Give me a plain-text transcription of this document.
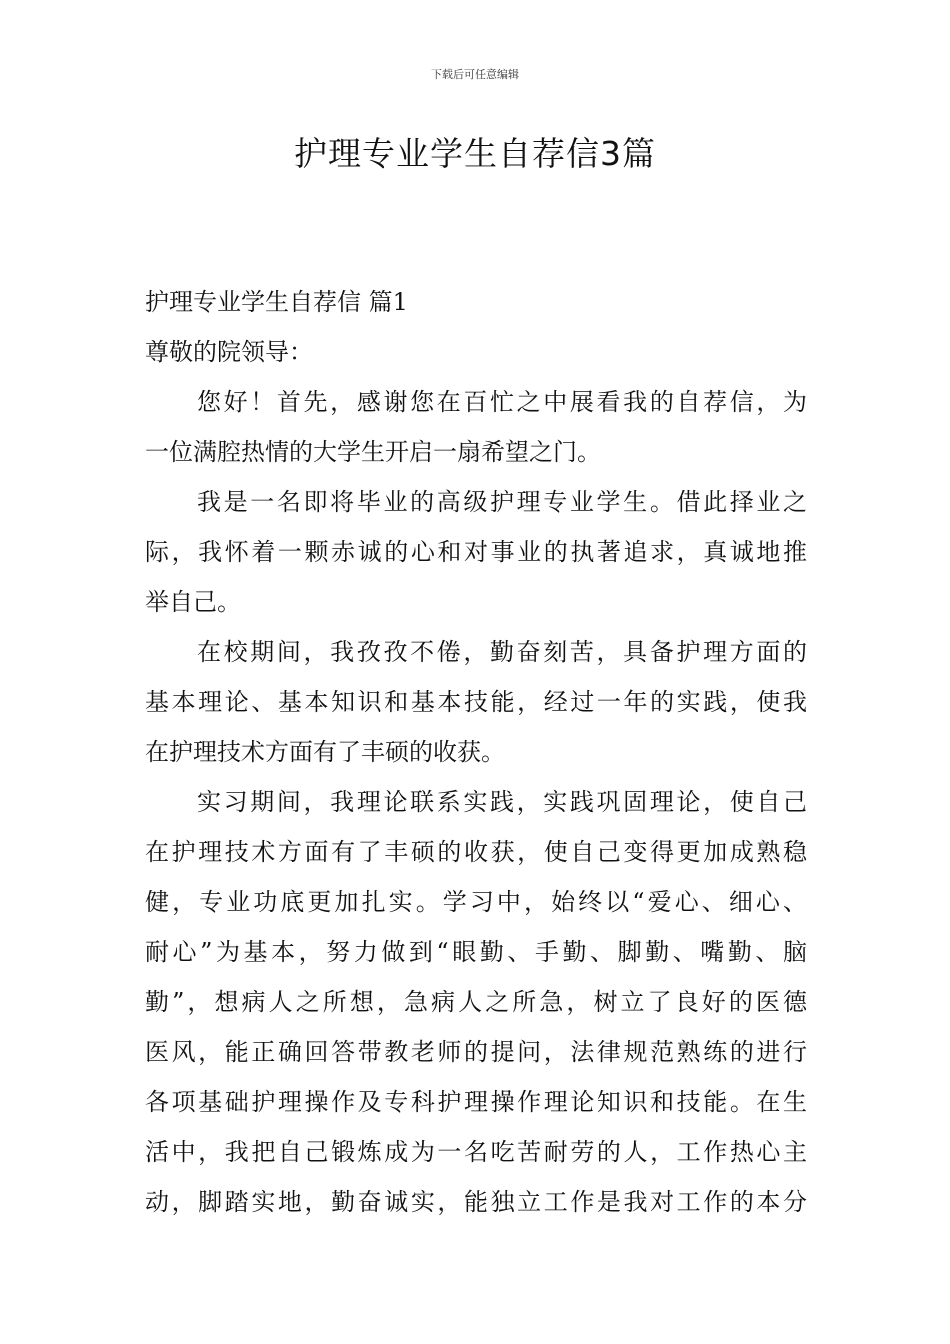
下载后可任意编辑
护理专业学生自荐信3篇
护理专业学生自荐信 篇1
尊敬的院领导：
您好！首先，感谢您在百忙之中展看我的自荐信，为
一位满腔热情的大学生开启一扇希望之门。
我是一名即将毕业的高级护理专业学生。借此择业之
际，我怀着一颗赤诚的心和对事业的执著追求，真诚地推
举自己。
在校期间，我孜孜不倦，勤奋刻苦，具备护理方面的
基本理论、基本知识和基本技能，经过一年的实践，使我
在护理技术方面有了丰硕的收获。
实习期间，我理论联系实践，实践巩固理论，使自己
在护理技术方面有了丰硕的收获，使自己变得更加成熟稳
健，专业功底更加扎实。学习中，始终以“爱心、细心、
耐心”为基本，努力做到“眼勤、手勤、脚勤、嘴勤、脑
勤”，想病人之所想，急病人之所急，树立了良好的医德
医风，能正确回答带教老师的提问，法律规范熟练的进行
各项基础护理操作及专科护理操作理论知识和技能。在生
活中，我把自己锻炼成为一名吃苦耐劳的人，工作热心主
动，脚踏实地，勤奋诚实，能独立工作是我对工作的本分
